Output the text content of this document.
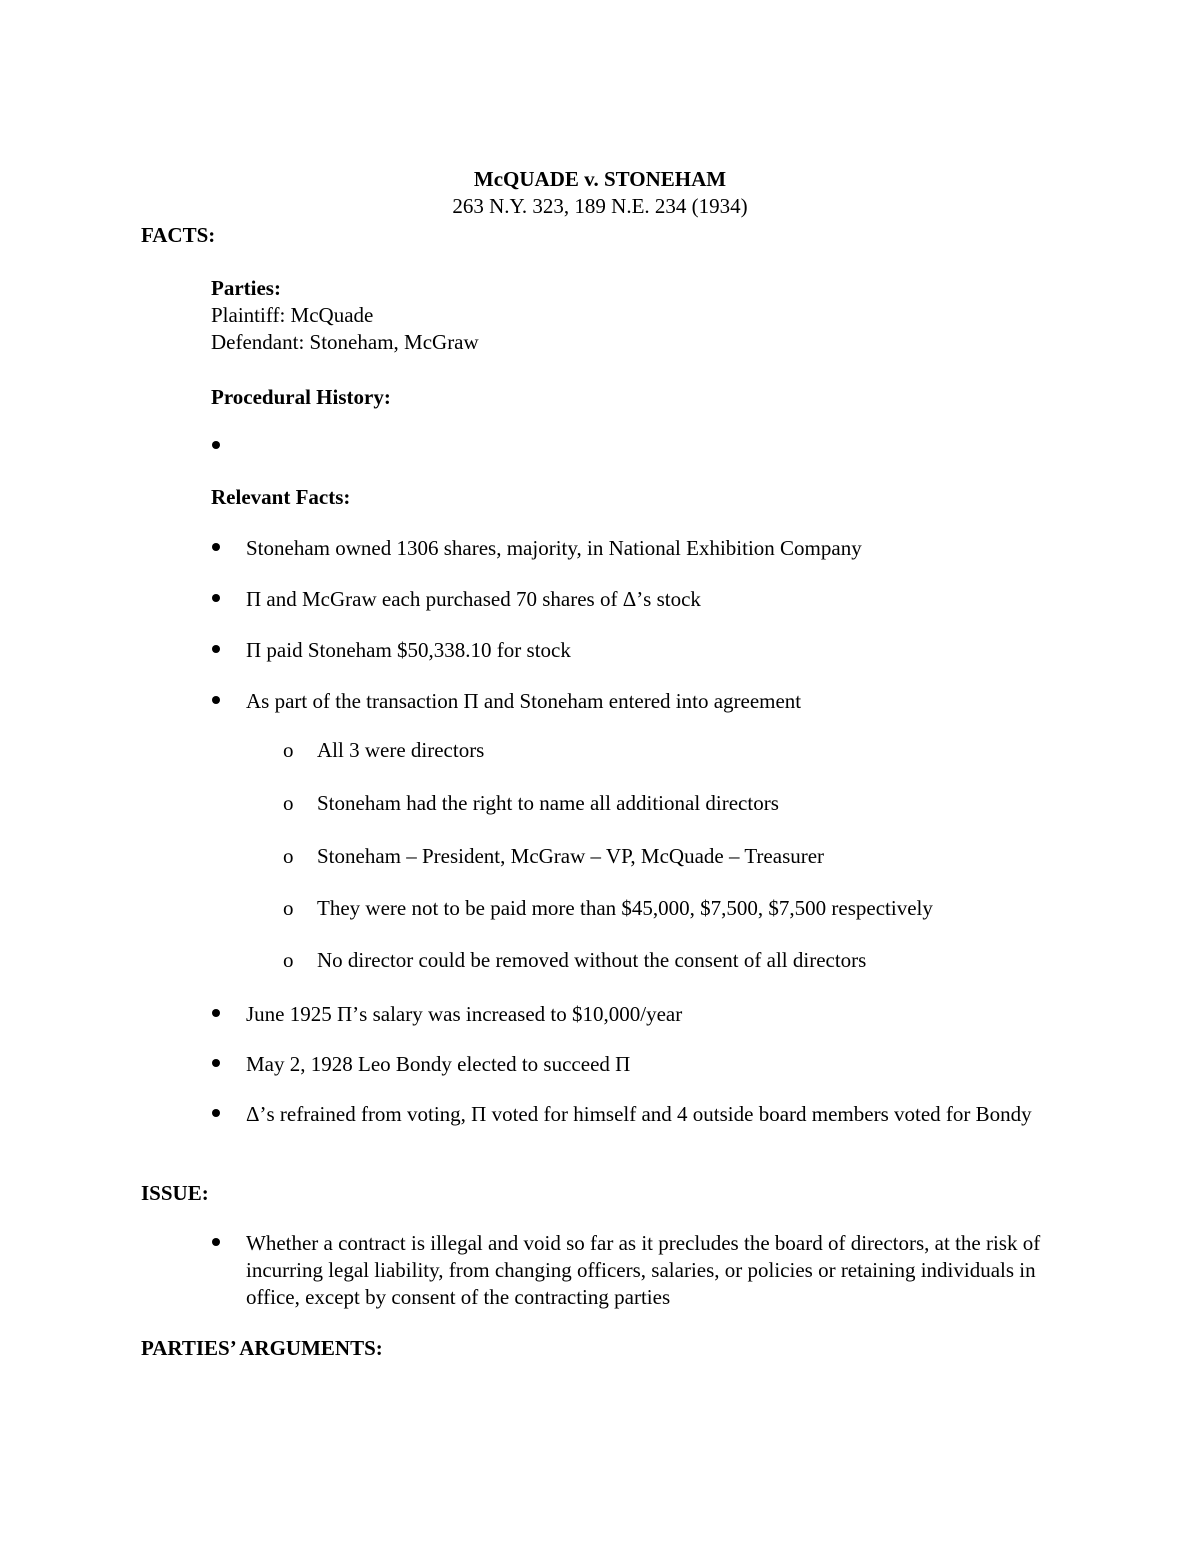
McQUADE v. STONEHAM
263 N.Y. 323, 189 N.E. 234 (1934)
FACTS:
Parties:
Plaintiff: McQuade
Defendant: Stoneham, McGraw
Procedural History:
Relevant Facts:
Stoneham owned 1306 shares, majority, in National Exhibition Company
Π and McGraw each purchased 70 shares of Δ’s stock
Π paid Stoneham $50,338.10 for stock
As part of the transaction Π and Stoneham entered into agreement
o All 3 were directors
o Stoneham had the right to name all additional directors
o Stoneham – President, McGraw – VP, McQuade – Treasurer
o They were not to be paid more than $45,000, $7,500, $7,500 respectively
o No director could be removed without the consent of all directors
June 1925 Π’s salary was increased to $10,000/year
May 2, 1928 Leo Bondy elected to succeed Π
Δ’s refrained from voting, Π voted for himself and 4 outside board members voted for Bondy
ISSUE:
Whether a contract is illegal and void so far as it precludes the board of directors, at the risk of incurring legal liability, from changing officers, salaries, or policies or retaining individuals in office, except by consent of the contracting parties
PARTIES’ ARGUMENTS:
